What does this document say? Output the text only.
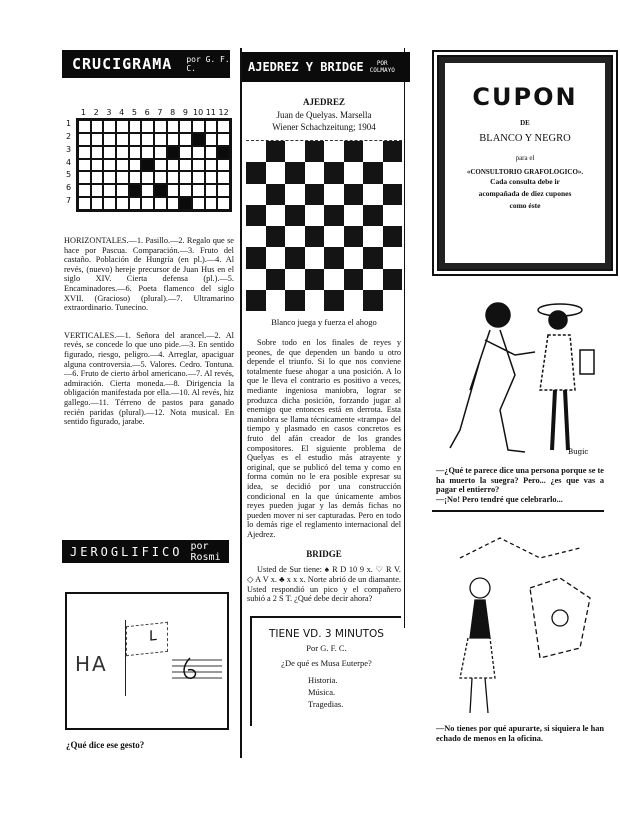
CRUCIGRAMA por G. F. C.
1 2 3 4 5 6 7 8 9 10 11 12
1
2
3
4
5
6
7
HORIZONTALES.—1. Pasillo.—2. Regalo que se hace por Pascua. Comparación.—3. Fruto del castaño. Población de Hungría (en pl.).—4. Al revés, (nuevo) hereje precursor de Juan Hus en el siglo XIV. Cierta defensa (pl.).—5. Encaminadores.—6. Poeta flamenco del siglo XVII. (Gracioso) (plural).—7. Ultramarino extraordinario. Tunecino.
VERTICALES.—1. Señora del arancel.—2. Al revés, se concede lo que uno pide.—3. En sentido figurado, riesgo, peligro.—4. Arreglar, apaciguar alguna controversia.—5. Valores. Cedro. Tontuna.—6. Fruto de cierto árbol americano.—7. Al revés, admiración. Cierta moneda.—8. Dirigencia la obligación manifestada por ella.—10. Al revés, hiz gallego.—11. Térreno de pastos para ganado recién paridas (plural).—12. Nota musical. En sentido figurado, jarabe.
JEROGLIFICO por Rosmi
HA
L
¿Qué dice ese gesto?
AJEDREZ Y BRIDGE	POR
COLMAYO
AJEDREZ
Juan de Quelyas. Marsella
Wiener Schachzeitung; 1904
Blanco juega y fuerza el ahogo
Sobre todo en los finales de reyes y peones, de que dependen un bando u otro depende el triunfo. Si lo que nos conviene totalmente fuese ahogar a una posición. A lo que le lleva el contrario es positivo a veces, mediante ingeniosa maniobra, lograr se produzca dicha posición, forzando jugar al enemigo que entonces está en derrota. Esta maniobra se llama técnicamente «trampa» del tiempo y plasmado en casos concretos es fruto del afán creador de los grandes compositores. El siguiente problema de Quelyas es el estudio más atrayente y original, que se publicó del tema y como en forma común no le era posible expresar su idea, se decidió por una construcción condicional en la que únicamente ambos reyes pueden jugar y las demás fichas no pueden mover ni ser capturadas. Pero en todo lo demás rige el reglamento internacional del Ajedrez.
BRIDGE
Usted de Sur tiene: ♠ R D 10 9 x. ♡ R V. ◇ A V x. ♣ x x x. Norte abrió de un diamante. Usted respondió un pico y el compañero subió a 2 S T. ¿Qué debe decir ahora?
TIENE VD. 3 MINUTOS
Por G. F. C.
¿De qué es Musa Euterpe?
Historia.
Música.
Tragedias.
CUPON
DE
BLANCO Y NEGRO
para el
«CONSULTORIO GRAFOLOGICO».
Cada consulta debe ir
acompañada de diez cupones
como éste
Bugic
—¿Qué te parece dice una persona porque se te ha muerto la suegra? Pero... ¿es que vas a pagar el entierro?
—¡No! Pero tendré que celebrarlo...
—No tienes por qué apurarte, si siquiera le han echado de menos en la oficina.
